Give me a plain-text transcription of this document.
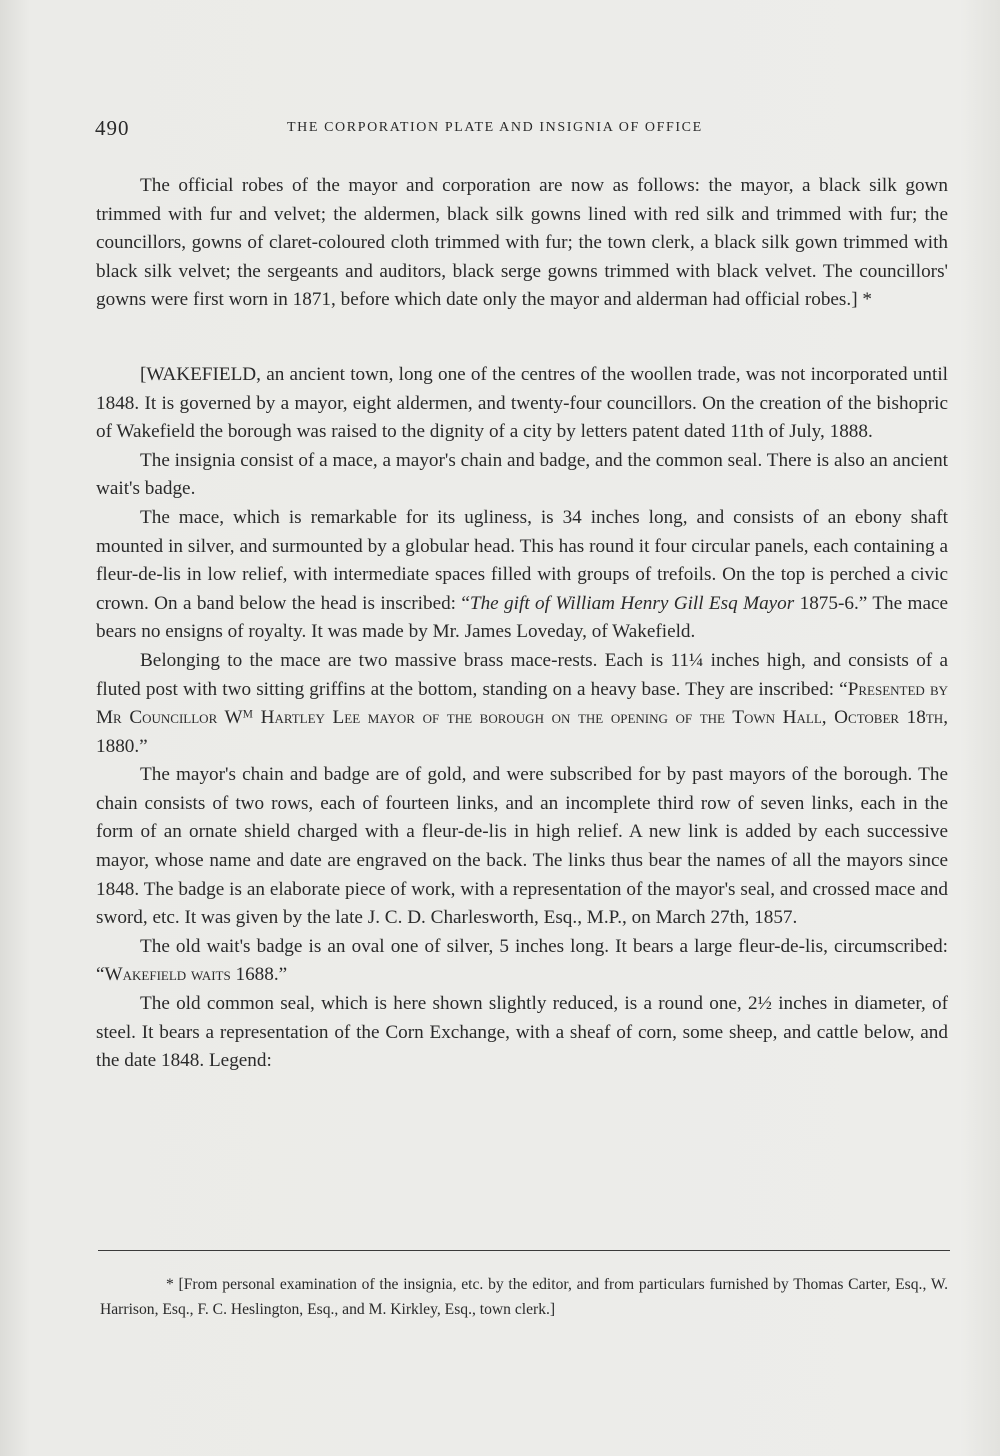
490	THE CORPORATION PLATE AND INSIGNIA OF OFFICE

The official robes of the mayor and corporation are now as follows: the mayor, a black silk gown trimmed with fur and velvet; the aldermen, black silk gowns lined with red silk and trimmed with fur; the councillors, gowns of claret-coloured cloth trimmed with fur; the town clerk, a black silk gown trimmed with black silk velvet; the sergeants and auditors, black serge gowns trimmed with black velvet. The councillors' gowns were first worn in 1871, before which date only the mayor and alderman had official robes.] *

[WAKEFIELD, an ancient town, long one of the centres of the woollen trade, was not incorporated until 1848. It is governed by a mayor, eight aldermen, and twenty-four councillors. On the creation of the bishopric of Wakefield the borough was raised to the dignity of a city by letters patent dated 11th of July, 1888.

The insignia consist of a mace, a mayor's chain and badge, and the common seal. There is also an ancient wait's badge.

The mace, which is remarkable for its ugliness, is 34 inches long, and consists of an ebony shaft mounted in silver, and surmounted by a globular head. This has round it four circular panels, each containing a fleur-de-lis in low relief, with intermediate spaces filled with groups of trefoils. On the top is perched a civic crown. On a band below the head is inscribed: “The gift of William Henry Gill Esq Mayor 1875-6.” The mace bears no ensigns of royalty. It was made by Mr. James Loveday, of Wakefield.

Belonging to the mace are two massive brass mace-rests. Each is 11¼ inches high, and consists of a fluted post with two sitting griffins at the bottom, standing on a heavy base. They are inscribed: “Presented by Mr Councillor Wᴹ Hartley Lee mayor of the borough on the opening of the Town Hall, October 18th, 1880.”

The mayor's chain and badge are of gold, and were subscribed for by past mayors of the borough. The chain consists of two rows, each of fourteen links, and an incomplete third row of seven links, each in the form of an ornate shield charged with a fleur-de-lis in high relief. A new link is added by each successive mayor, whose name and date are engraved on the back. The links thus bear the names of all the mayors since 1848. The badge is an elaborate piece of work, with a representation of the mayor's seal, and crossed mace and sword, etc. It was given by the late J. C. D. Charlesworth, Esq., M.P., on March 27th, 1857.

The old wait's badge is an oval one of silver, 5 inches long. It bears a large fleur-de-lis, circumscribed: “Wakefield waits 1688.”

The old common seal, which is here shown slightly reduced, is a round one, 2½ inches in diameter, of steel. It bears a representation of the Corn Exchange, with a sheaf of corn, some sheep, and cattle below, and the date 1848. Legend:

* [From personal examination of the insignia, etc. by the editor, and from particulars furnished by Thomas Carter, Esq., W. Harrison, Esq., F. C. Heslington, Esq., and M. Kirkley, Esq., town clerk.]
